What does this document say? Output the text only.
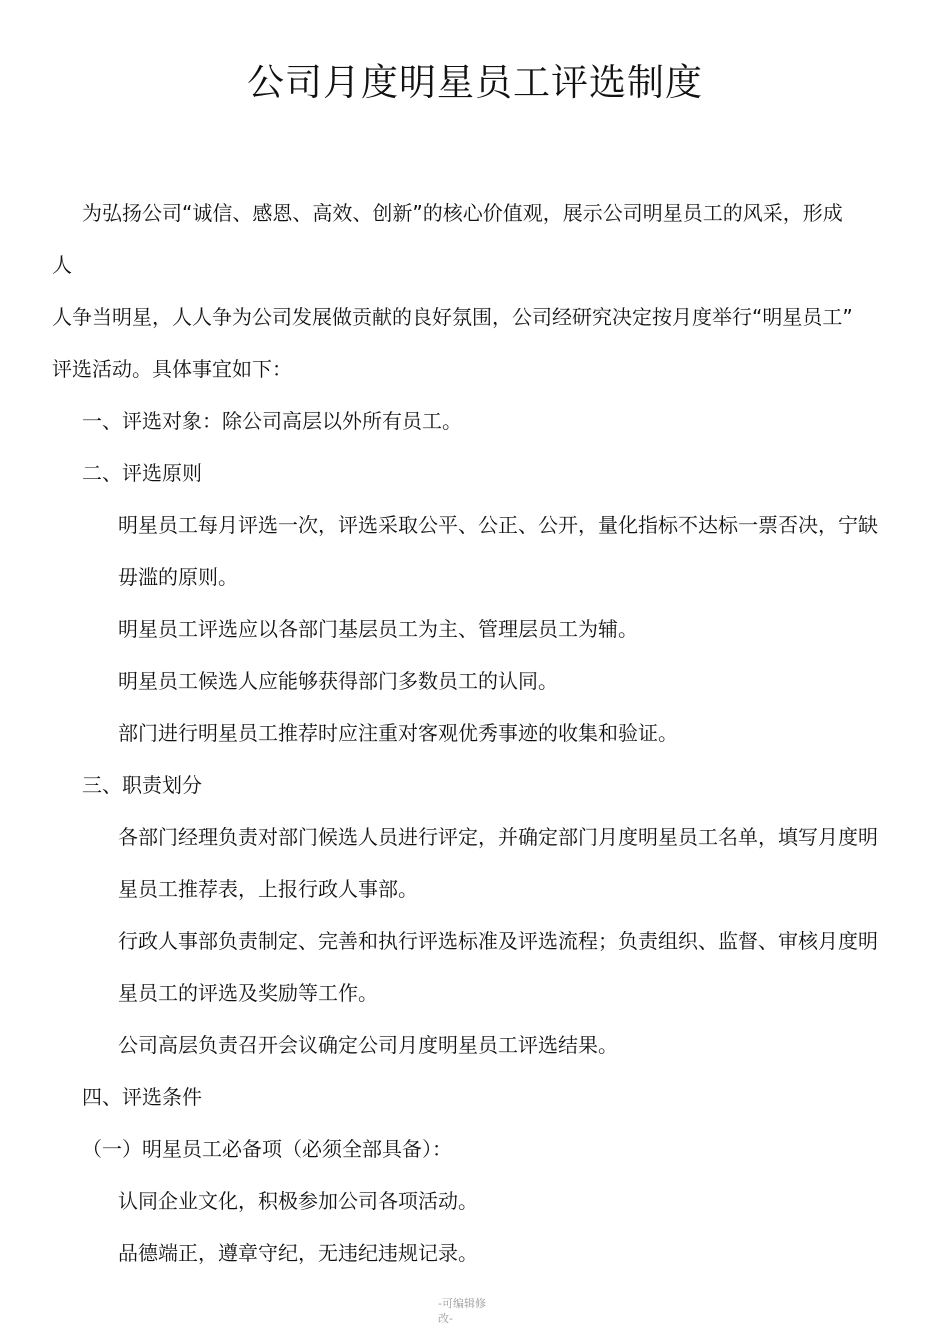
公司月度明星员工评选制度

为弘扬公司“诚信、感恩、高效、创新”的核心价值观，展示公司明星员工的风采，形成

人

人争当明星，人人争为公司发展做贡献的良好氛围，公司经研究决定按月度举行“明星员工”

评选活动。具体事宜如下：

一、评选对象：除公司高层以外所有员工。

二、评选原则

明星员工每月评选一次，评选采取公平、公正、公开，量化指标不达标一票否决，宁缺

毋滥的原则。

明星员工评选应以各部门基层员工为主、管理层员工为辅。

明星员工候选人应能够获得部门多数员工的认同。

部门进行明星员工推荐时应注重对客观优秀事迹的收集和验证。

三、职责划分

各部门经理负责对部门候选人员进行评定，并确定部门月度明星员工名单，填写月度明

星员工推荐表，上报行政人事部。

行政人事部负责制定、完善和执行评选标准及评选流程；负责组织、监督、审核月度明

星员工的评选及奖励等工作。

公司高层负责召开会议确定公司月度明星员工评选结果。

四、评选条件

（一）明星员工必备项（必须全部具备）：

认同企业文化，积极参加公司各项活动。

品德端正，遵章守纪，无违纪违规记录。

-可编辑修
改-
